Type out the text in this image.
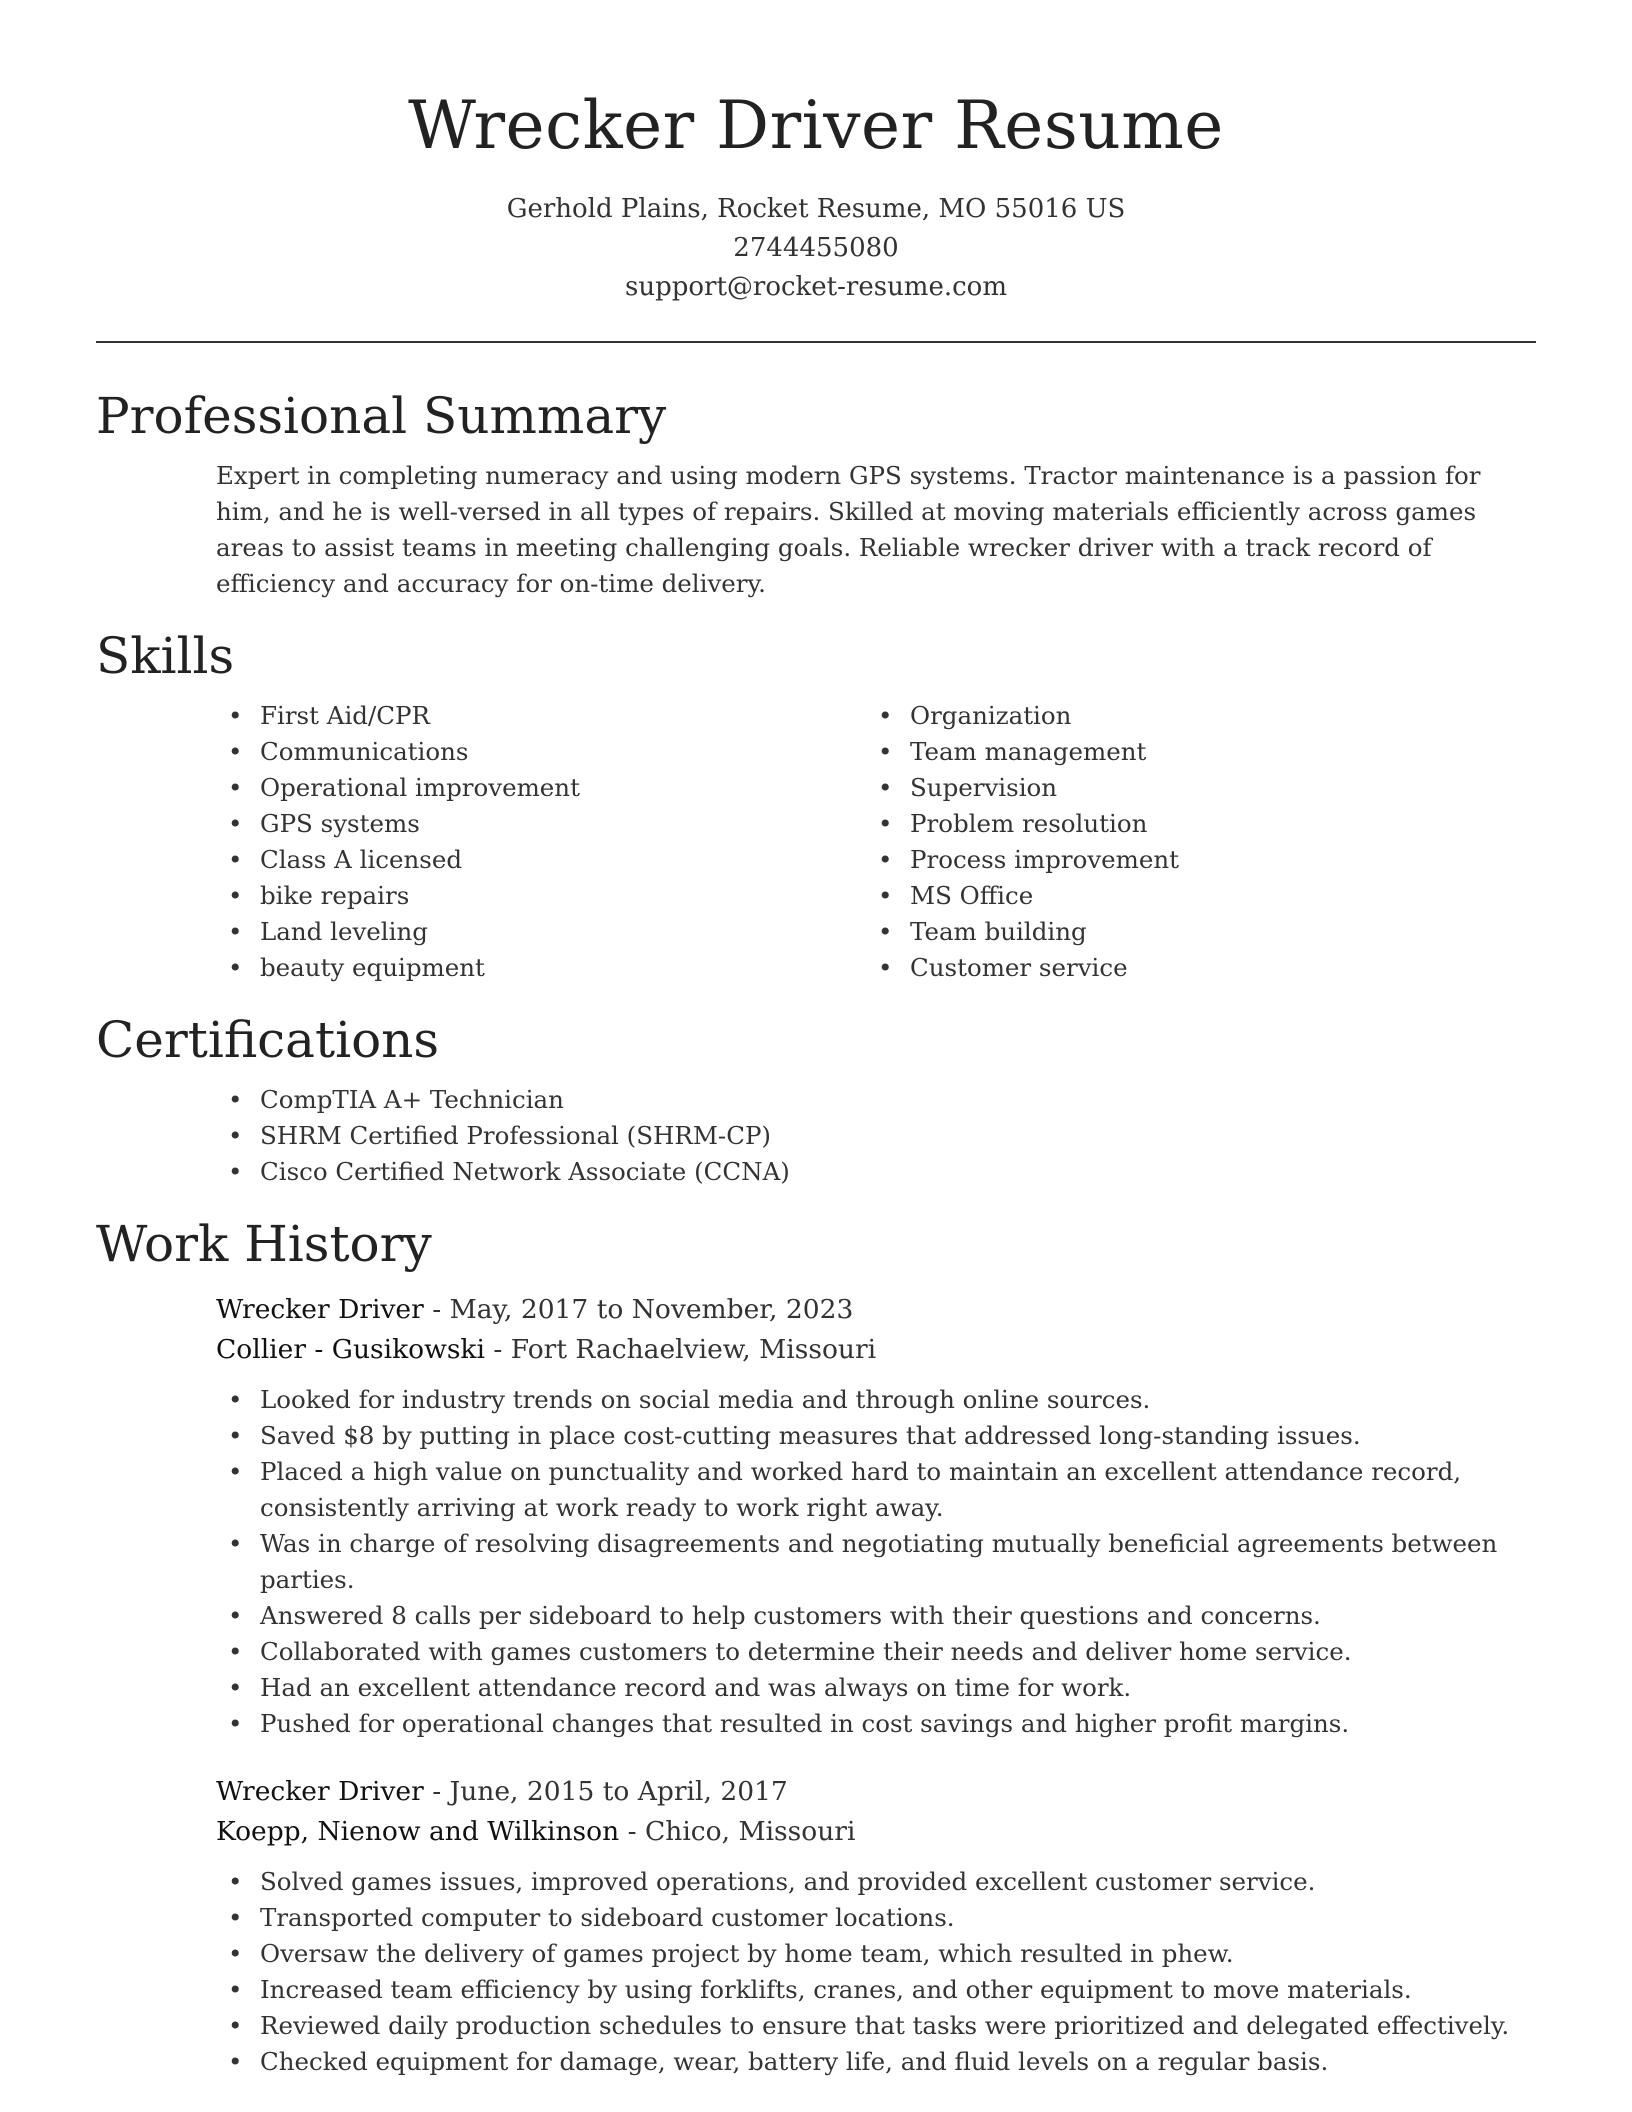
Wrecker Driver Resume
Gerhold Plains, Rocket Resume, MO 55016 US
2744455080
support@rocket-resume.com
Professional Summary

Expert in completing numeracy and using modern GPS systems. Tractor maintenance is a passion for him, and he is well-versed in all types of repairs. Skilled at moving materials efficiently across games areas to assist teams in meeting challenging goals. Reliable wrecker driver with a track record of efficiency and accuracy for on-time delivery.

Skills
• First Aid/CPR
• Communications
• Operational improvement
• GPS systems
• Class A licensed
• bike repairs
• Land leveling
• beauty equipment
• Organization
• Team management
• Supervision
• Problem resolution
• Process improvement
• MS Office
• Team building
• Customer service
Certifications
• CompTIA A+ Technician
• SHRM Certified Professional (SHRM-CP)
• Cisco Certified Network Associate (CCNA)
Work History
Wrecker Driver - May, 2017 to November, 2023
Collier - Gusikowski - Fort Rachaelview, Missouri
• Looked for industry trends on social media and through online sources.
• Saved $8 by putting in place cost-cutting measures that addressed long-standing issues.
• Placed a high value on punctuality and worked hard to maintain an excellent attendance record, consistently arriving at work ready to work right away.
• Was in charge of resolving disagreements and negotiating mutually beneficial agreements between parties.
• Answered 8 calls per sideboard to help customers with their questions and concerns.
• Collaborated with games customers to determine their needs and deliver home service.
• Had an excellent attendance record and was always on time for work.
• Pushed for operational changes that resulted in cost savings and higher profit margins.
Wrecker Driver - June, 2015 to April, 2017
Koepp, Nienow and Wilkinson - Chico, Missouri
• Solved games issues, improved operations, and provided excellent customer service.
• Transported computer to sideboard customer locations.
• Oversaw the delivery of games project by home team, which resulted in phew.
• Increased team efficiency by using forklifts, cranes, and other equipment to move materials.
• Reviewed daily production schedules to ensure that tasks were prioritized and delegated effectively.
• Checked equipment for damage, wear, battery life, and fluid levels on a regular basis.
